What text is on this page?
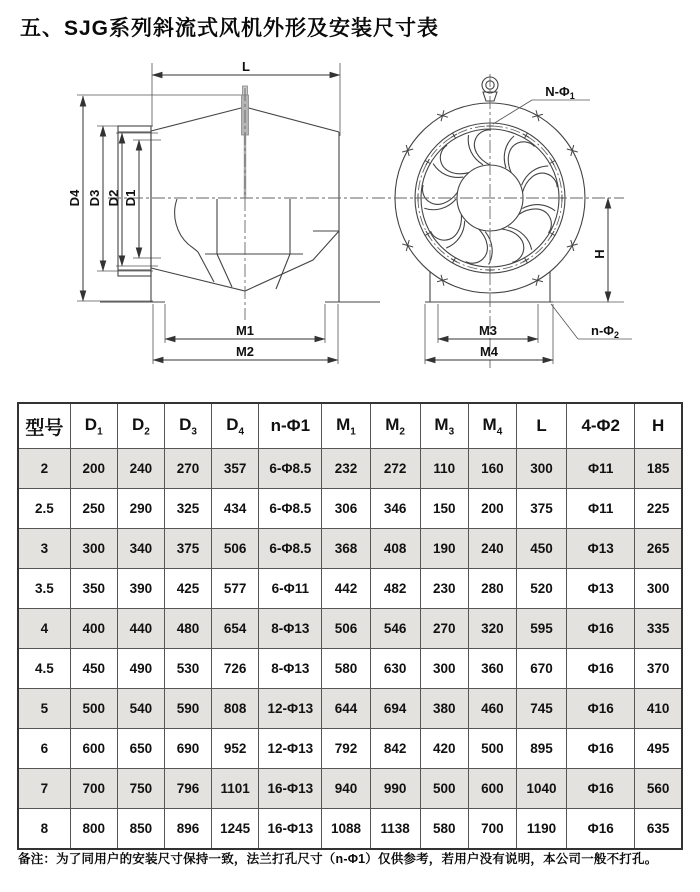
五、SJG系列斜流式风机外形及安装尺寸表
L
D4 D3 D2 D1
M1
M2
$N-\Phi_1$
H
M3
M4
$n-\Phi_2$
型号	$D_1$	$D_2$	$D_3$	$D_4$	n-Φ1	$M_1$	$M_2$	$M_3$	$M_4$	L	4-Φ2	H
2	200	240	270	357	6-Φ8.5	232	272	110	160	300	Φ11	185
2.5	250	290	325	434	6-Φ8.5	306	346	150	200	375	Φ11	225
3	300	340	375	506	6-Φ8.5	368	408	190	240	450	Φ13	265
3.5	350	390	425	577	6-Φ11	442	482	230	280	520	Φ13	300
4	400	440	480	654	8-Φ13	506	546	270	320	595	Φ16	335
4.5	450	490	530	726	8-Φ13	580	630	300	360	670	Φ16	370
5	500	540	590	808	12-Φ13	644	694	380	460	745	Φ16	410
6	600	650	690	952	12-Φ13	792	842	420	500	895	Φ16	495
7	700	750	796	1101	16-Φ13	940	990	500	600	1040	Φ16	560
8	800	850	896	1245	16-Φ13	1088	1138	580	700	1190	Φ16	635
备注：为了同用户的安装尺寸保持一致，法兰打孔尺寸（n-Φ1）仅供参考，若用户没有说明，本公司一般不打孔。
